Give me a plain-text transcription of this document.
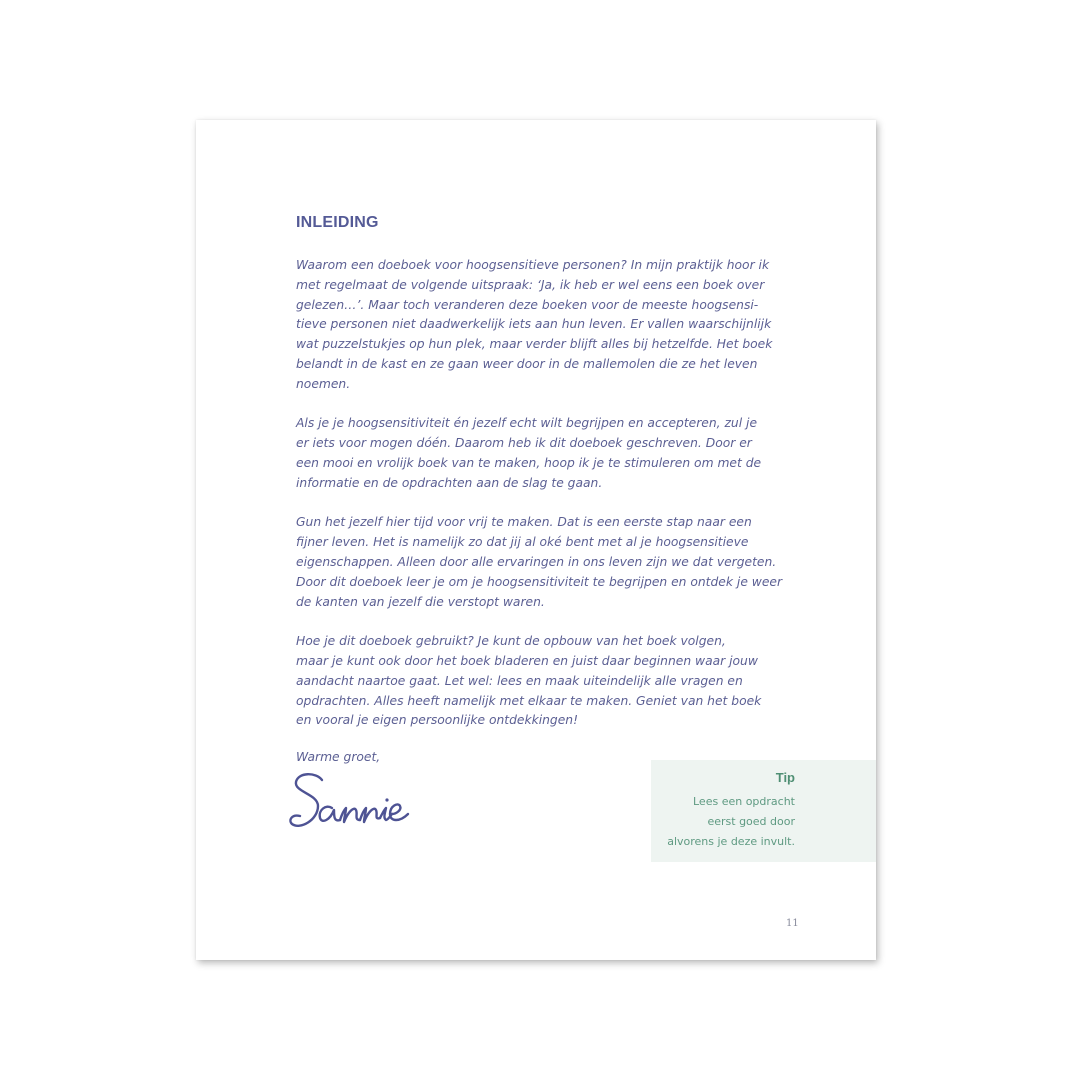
INLEIDING

Waarom een doeboek voor hoogsensitieve personen? In mijn praktijk hoor ik
met regelmaat de volgende uitspraak: ‘Ja, ik heb er wel eens een boek over
gelezen…’. Maar toch veranderen deze boeken voor de meeste hoogsensi-
tieve personen niet daadwerkelijk iets aan hun leven. Er vallen waarschijnlijk
wat puzzelstukjes op hun plek, maar verder blijft alles bij hetzelfde. Het boek
belandt in de kast en ze gaan weer door in de mallemolen die ze het leven
noemen.

Als je je hoogsensitiviteit én jezelf echt wilt begrijpen en accepteren, zul je
er iets voor mogen dóén. Daarom heb ik dit doeboek geschreven. Door er
een mooi en vrolijk boek van te maken, hoop ik je te stimuleren om met de
informatie en de opdrachten aan de slag te gaan.

Gun het jezelf hier tijd voor vrij te maken. Dat is een eerste stap naar een
fijner leven. Het is namelijk zo dat jij al oké bent met al je hoogsensitieve
eigenschappen. Alleen door alle ervaringen in ons leven zijn we dat vergeten.
Door dit doeboek leer je om je hoogsensitiviteit te begrijpen en ontdek je weer
de kanten van jezelf die verstopt waren.

Hoe je dit doeboek gebruikt? Je kunt de opbouw van het boek volgen,
maar je kunt ook door het boek bladeren en juist daar beginnen waar jouw
aandacht naartoe gaat. Let wel: lees en maak uiteindelijk alle vragen en
opdrachten. Alles heeft namelijk met elkaar te maken. Geniet van het boek
en vooral je eigen persoonlijke ontdekkingen!

Warme groet,

Tip

Lees een opdracht
eerst goed door
alvorens je deze invult.

11
